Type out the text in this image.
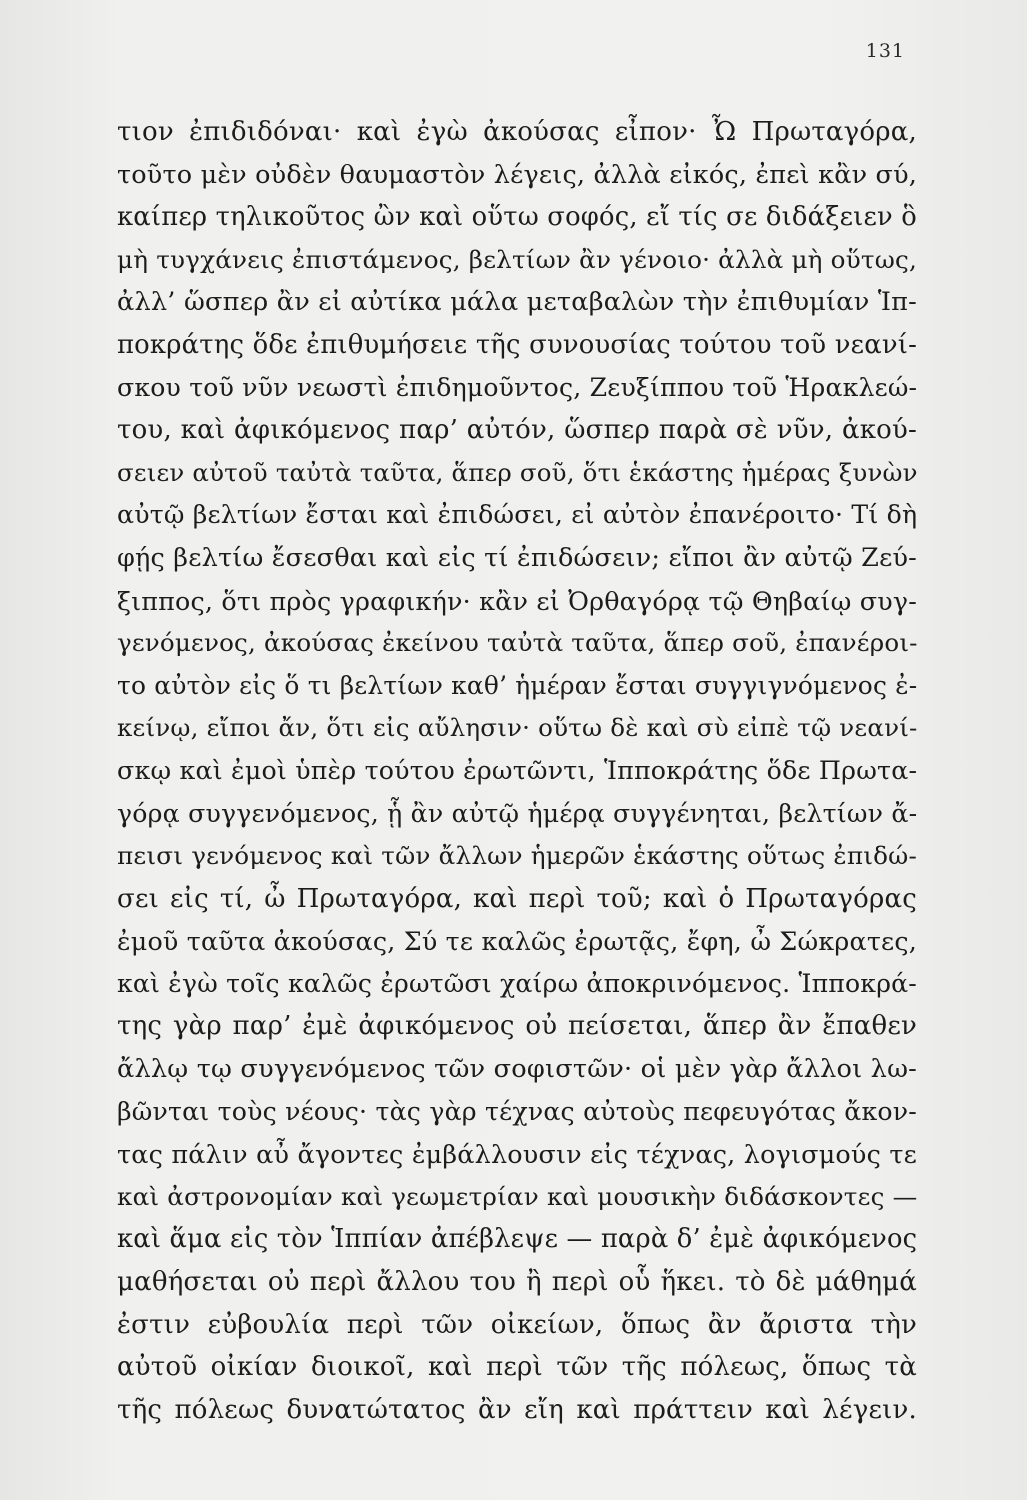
131
τιον ἐπιδιδόναι· καὶ ἐγὼ ἀκούσας εἶπον· Ὦ Πρωταγόρα,
τοῦτο μὲν οὐδὲν θαυμαστὸν λέγεις, ἀλλὰ εἰκός, ἐπεὶ κἂν σύ,
καίπερ τηλικοῦτος ὢν καὶ οὕτω σοφός, εἴ τίς σε διδάξειεν ὃ
μὴ τυγχάνεις ἐπιστάμενος, βελτίων ἂν γένοιο· ἀλλὰ μὴ οὕτως,
ἀλλ’ ὥσπερ ἂν εἰ αὐτίκα μάλα μεταβαλὼν τὴν ἐπιθυμίαν Ἱπ-
ποκράτης ὅδε ἐπιθυμήσειε τῆς συνουσίας τούτου τοῦ νεανί-
σκου τοῦ νῦν νεωστὶ ἐπιδημοῦντος, Ζευξίππου τοῦ Ἡρακλεώ-
του, καὶ ἀφικόμενος παρ’ αὐτόν, ὥσπερ παρὰ σὲ νῦν, ἀκού-
σειεν αὐτοῦ ταὐτὰ ταῦτα, ἅπερ σοῦ, ὅτι ἑκάστης ἡμέρας ξυνὼν
αὐτῷ βελτίων ἔσται καὶ ἐπιδώσει, εἰ αὐτὸν ἐπανέροιτο· Τί δὴ
φῄς βελτίω ἔσεσθαι καὶ εἰς τί ἐπιδώσειν; εἴποι ἂν αὐτῷ Ζεύ-
ξιππος, ὅτι πρὸς γραφικήν· κἂν εἰ Ὀρθαγόρᾳ τῷ Θηβαίῳ συγ-
γενόμενος, ἀκούσας ἐκείνου ταὐτὰ ταῦτα, ἅπερ σοῦ, ἐπανέροι-
το αὐτὸν εἰς ὅ τι βελτίων καθ’ ἡμέραν ἔσται συγγιγνόμενος ἐ-
κείνῳ, εἴποι ἄν, ὅτι εἰς αὔλησιν· οὕτω δὲ καὶ σὺ εἰπὲ τῷ νεανί-
σκῳ καὶ ἐμοὶ ὑπὲρ τούτου ἐρωτῶντι, Ἱπποκράτης ὅδε Πρωτα-
γόρᾳ συγγενόμενος, ᾗ ἂν αὐτῷ ἡμέρᾳ συγγένηται, βελτίων ἄ-
πεισι γενόμενος καὶ τῶν ἄλλων ἡμερῶν ἑκάστης οὕτως ἐπιδώ-
σει εἰς τί, ὦ Πρωταγόρα, καὶ περὶ τοῦ; καὶ ὁ Πρωταγόρας
ἐμοῦ ταῦτα ἀκούσας, Σύ τε καλῶς ἐρωτᾷς, ἔφη, ὦ Σώκρατες,
καὶ ἐγὼ τοῖς καλῶς ἐρωτῶσι χαίρω ἀποκρινόμενος. Ἱπποκρά-
της γὰρ παρ’ ἐμὲ ἀφικόμενος οὐ πείσεται, ἅπερ ἂν ἔπαθεν
ἄλλῳ τῳ συγγενόμενος τῶν σοφιστῶν· οἱ μὲν γὰρ ἄλλοι λω-
βῶνται τοὺς νέους· τὰς γὰρ τέχνας αὐτοὺς πεφευγότας ἄκον-
τας πάλιν αὖ ἄγοντες ἐμβάλλουσιν εἰς τέχνας, λογισμούς τε
καὶ ἀστρονομίαν καὶ γεωμετρίαν καὶ μουσικὴν διδάσκοντες —
καὶ ἅμα εἰς τὸν Ἱππίαν ἀπέβλεψε — παρὰ δ’ ἐμὲ ἀφικόμενος
μαθήσεται οὐ περὶ ἄλλου του ἢ περὶ οὗ ἥκει. τὸ δὲ μάθημά
ἐστιν εὐβουλία περὶ τῶν οἰκείων, ὅπως ἂν ἄριστα τὴν
αὐτοῦ οἰκίαν διοικοῖ, καὶ περὶ τῶν τῆς πόλεως, ὅπως τὰ
τῆς πόλεως δυνατώτατος ἂν εἴη καὶ πράττειν καὶ λέγειν.
